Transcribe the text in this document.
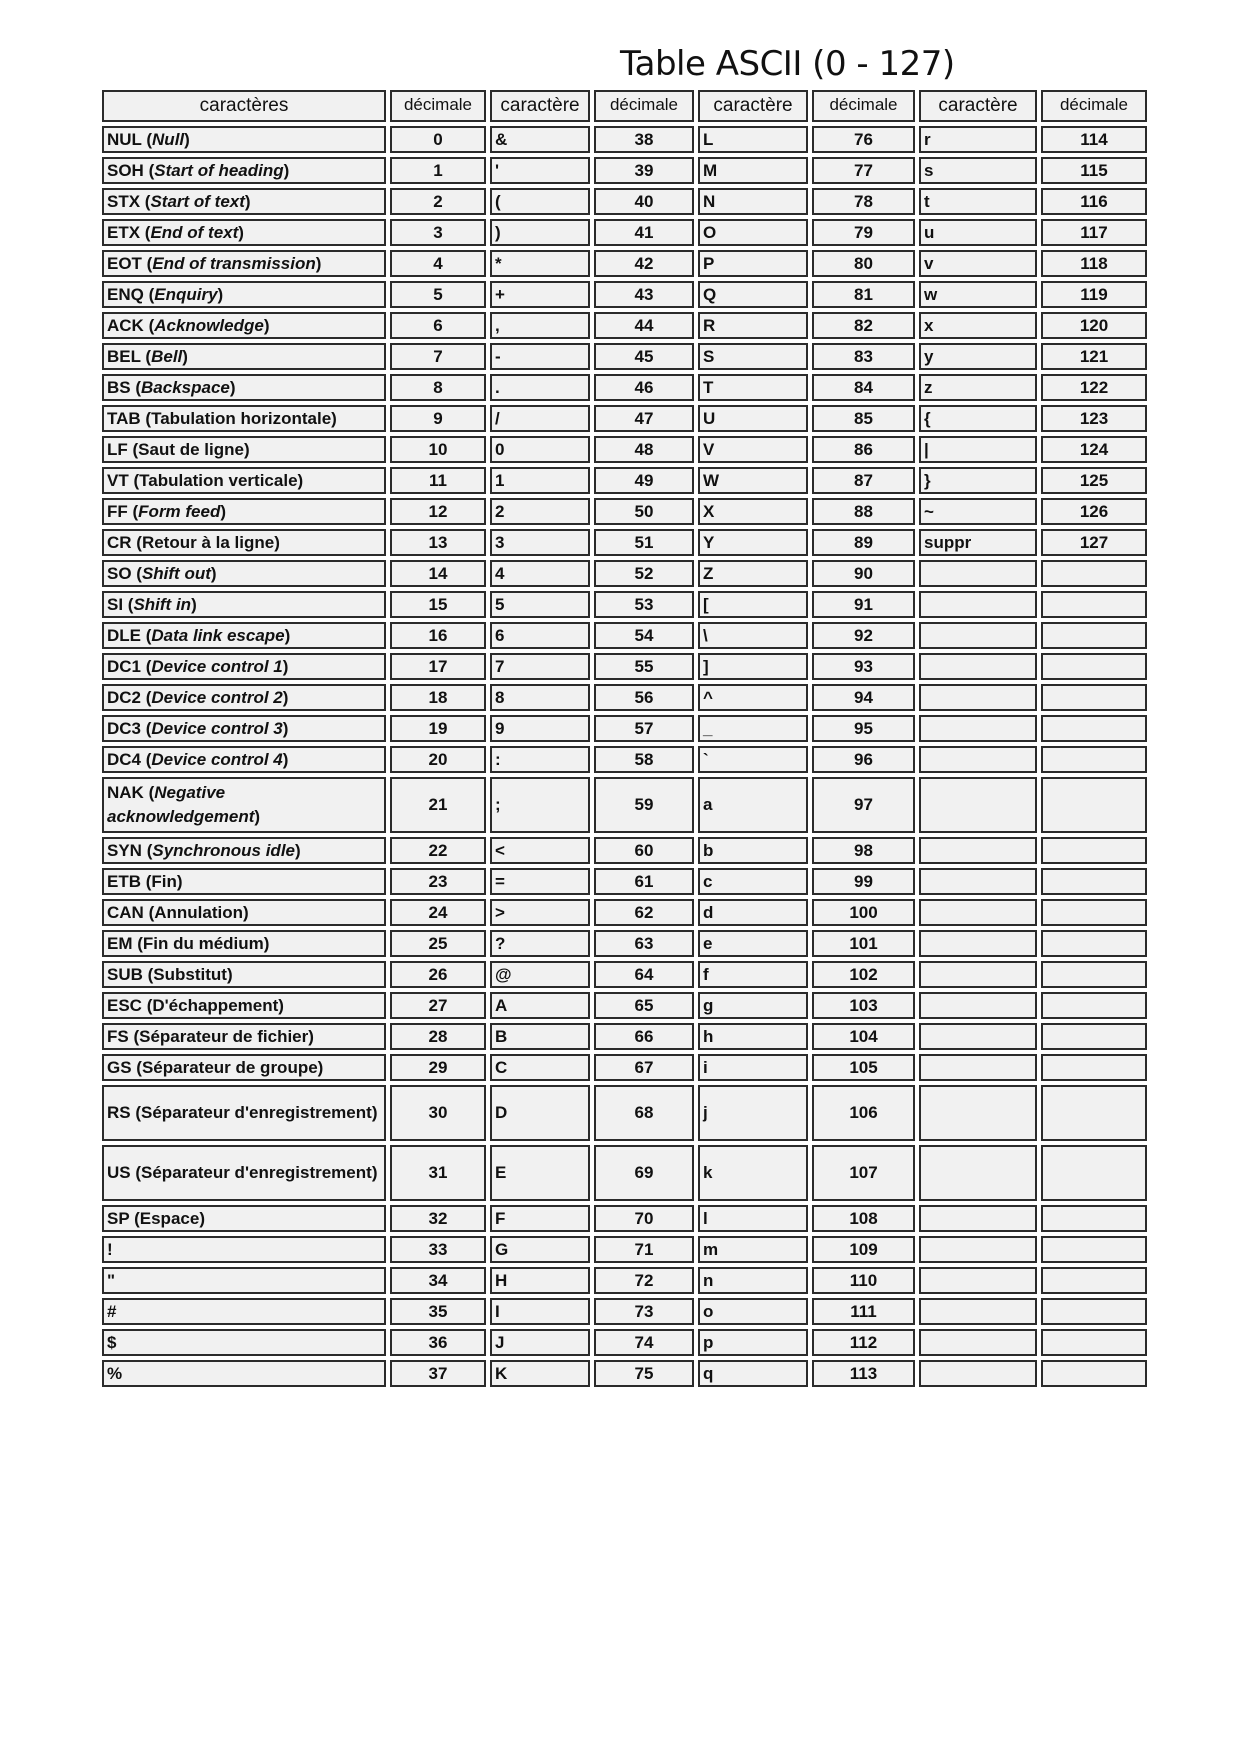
Table ASCII (0 - 127)
caractères	décimale	caractère	décimale	caractère	décimale	caractère	décimale
NUL (Null)	0	&	38	L	76	r	114
SOH (Start of heading)	1	'	39	M	77	s	115
STX (Start of text)	2	(	40	N	78	t	116
ETX (End of text)	3	)	41	O	79	u	117
EOT (End of transmission)	4	*	42	P	80	v	118
ENQ (Enquiry)	5	+	43	Q	81	w	119
ACK (Acknowledge)	6	,	44	R	82	x	120
BEL (Bell)	7	-	45	S	83	y	121
BS (Backspace)	8	.	46	T	84	z	122
TAB (Tabulation horizontale)	9	/	47	U	85	{	123
LF (Saut de ligne)	10	0	48	V	86	|	124
VT (Tabulation verticale)	11	1	49	W	87	}	125
FF (Form feed)	12	2	50	X	88	~	126
CR (Retour à la ligne)	13	3	51	Y	89	suppr	127
SO (Shift out)	14	4	52	Z	90		
SI (Shift in)	15	5	53	[	91		
DLE (Data link escape)	16	6	54	\	92		
DC1 (Device control 1)	17	7	55	]	93		
DC2 (Device control 2)	18	8	56	^	94		
DC3 (Device control 3)	19	9	57	_	95		
DC4 (Device control 4)	20	:	58	`	96		
NAK (Negative acknowledgement)	21	;	59	a	97		
SYN (Synchronous idle)	22	<	60	b	98		
ETB (Fin)	23	=	61	c	99		
CAN (Annulation)	24	>	62	d	100		
EM (Fin du médium)	25	?	63	e	101		
SUB (Substitut)	26	@	64	f	102		
ESC (D'échappement)	27	A	65	g	103		
FS (Séparateur de fichier)	28	B	66	h	104		
GS (Séparateur de groupe)	29	C	67	i	105		
RS (Séparateur d'enregistrement)	30	D	68	j	106		
US (Séparateur d'enregistrement)	31	E	69	k	107		
SP (Espace)	32	F	70	l	108		
!	33	G	71	m	109		
"	34	H	72	n	110		
#	35	I	73	o	111		
$	36	J	74	p	112		
%	37	K	75	q	113		
